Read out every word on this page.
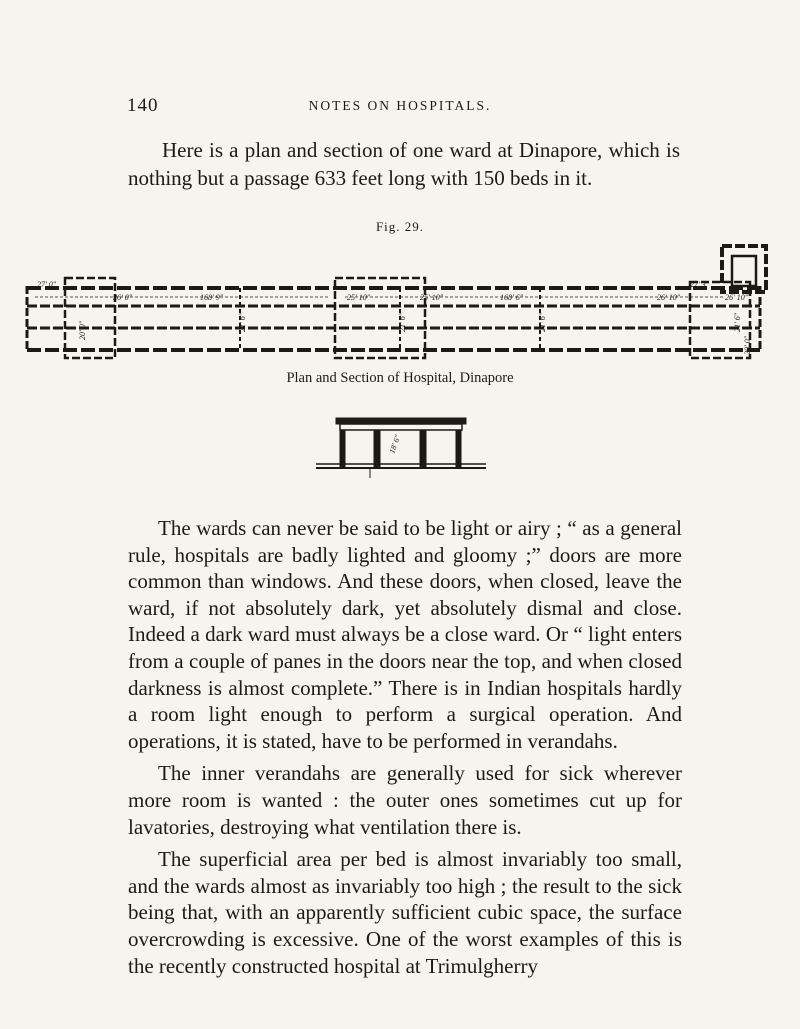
140	NOTES ON HOSPITALS.

Here is a plan and section of one ward at Dinapore, which is nothing but a passage 633 feet long with 150 beds in it.

Fig. 29.
27' 0"
26' 0"	168' 9"	25' 10"	25' 10"	168' 6"	26' 10"
27' 3"
26' 10"
20' 0"	21' 6"	21' 6"	21' 6"	21' 6"
20' 0"
Plan and Section of Hospital, Dinapore
18' 6"

The wards can never be said to be light or airy ; “ as a general rule, hospitals are badly lighted and gloomy ;” doors are more common than windows. And these doors, when closed, leave the ward, if not absolutely dark, yet absolutely dismal and close. Indeed a dark ward must always be a close ward. Or “ light enters from a couple of panes in the doors near the top, and when closed darkness is almost complete.” There is in Indian hospitals hardly a room light enough to perform a surgical operation. And operations, it is stated, have to be performed in verandahs.

The inner verandahs are generally used for sick wherever more room is wanted : the outer ones sometimes cut up for lavatories, destroying what ventilation there is.

The superficial area per bed is almost invariably too small, and the wards almost as invariably too high ; the result to the sick being that, with an apparently sufficient cubic space, the surface overcrowding is excessive. One of the worst examples of this is the recently constructed hospital at Trimulgherry
